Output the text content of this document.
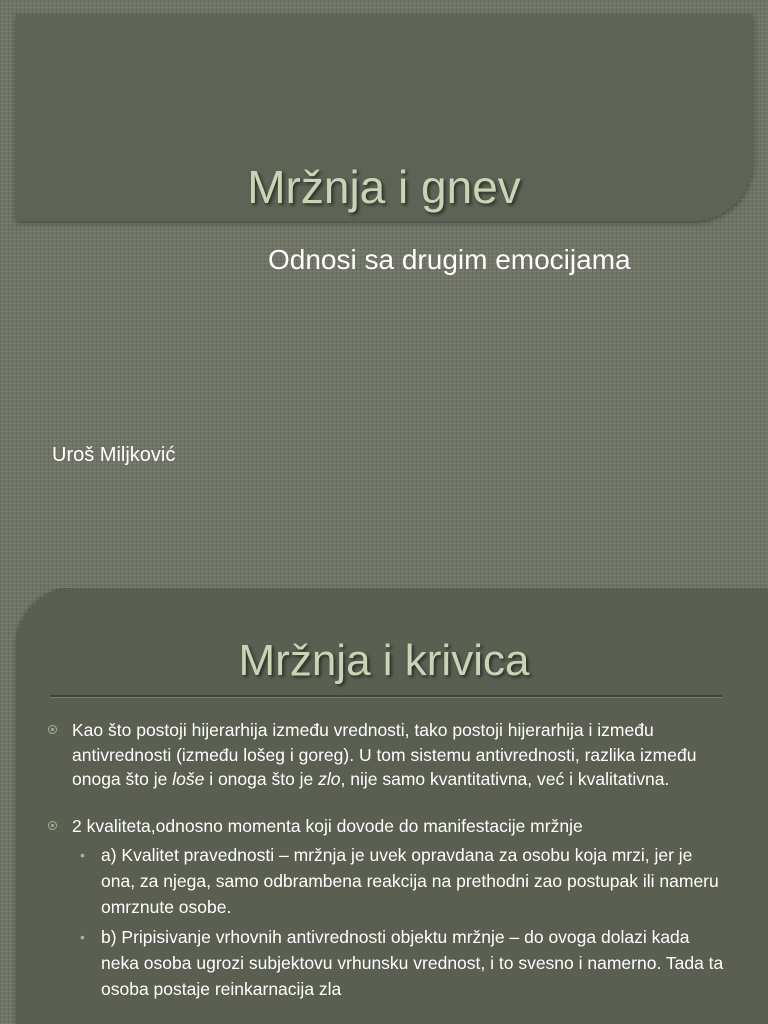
Mržnja i gnev
Odnosi sa drugim emocijama
Uroš Miljković
Mržnja i krivica

Kao što postoji hijerarhija između vrednosti, tako postoji hijerarhija i između antivrednosti (između lošeg i goreg). U tom sistemu antivrednosti, razlika između onoga što je loše i onoga što je zlo, nije samo kvantitativna, već i kvalitativna.

2 kvaliteta,odnosno momenta koji dovode do manifestacije mržnje

• a) Kvalitet pravednosti – mržnja je uvek opravdana za osobu koja mrzi, jer je ona, za njega, samo odbrambena reakcija na prethodni zao postupak ili nameru omrznute osobe.
• b) Pripisivanje vrhovnih antivrednosti objektu mržnje – do ovoga dolazi kada neka osoba ugrozi subjektovu vrhunsku vrednost, i to svesno i namerno. Tada ta osoba postaje reinkarnacija zla
